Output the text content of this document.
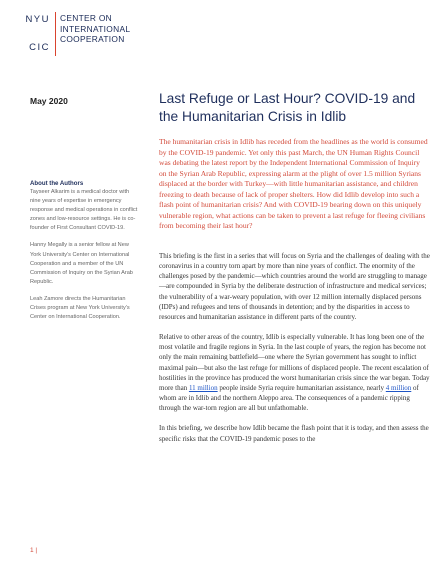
NYU
CIC
CENTER ON
INTERNATIONAL
COOPERATION
May 2020	Last Refuge or Last Hour? COVID-19 and the Humanitarian Crisis in Idlib

The humanitarian crisis in Idlib has receded from the headlines as the world is consumed by the COVID-19 pandemic. Yet only this past March, the UN Human Rights Council was debating the latest report by the Independent International Commission of Inquiry on the Syrian Arab Republic, expressing alarm at the plight of over 1.5 million Syrians displaced at the border with Turkey—with little humanitarian assistance, and children freezing to death because of lack of proper shelters. How did Idlib develop into such a flash point of humanitarian crisis? And with COVID-19 bearing down on this uniquely vulnerable region, what actions can be taken to prevent a last refuge for fleeing civilians from becoming their last hour?

About the Authors

Tayseer Alkarim is a medical doctor with nine years of expertise in emergency response and medical operations in conflict zones and low-resource settings. He is co-founder of First Consultant COVID-19.

Hanny Megally is a senior fellow at New York University's Center on International Cooperation and a member of the UN Commission of Inquiry on the Syrian Arab Republic.

Leah Zamore directs the Humanitarian Crises program at New York University's Center on International Cooperation.

This briefing is the first in a series that will focus on Syria and the challenges of dealing with the coronavirus in a country torn apart by more than nine years of conflict. The enormity of the challenges posed by the pandemic—which countries around the world are struggling to manage—are compounded in Syria by the deliberate destruction of infrastructure and medical services; the vulnerability of a war-weary population, with over 12 million internally displaced persons (IDPs) and refugees and tens of thousands in detention; and by the disparities in access to resources and humanitarian assistance in different parts of the country.

Relative to other areas of the country, Idlib is especially vulnerable. It has long been one of the most volatile and fragile regions in Syria. In the last couple of years, the region has become not only the main remaining battlefield—one where the Syrian government has sought to inflict maximal pain—but also the last refuge for millions of displaced people. The recent escalation of hostilities in the province has produced the worst humanitarian crisis since the war began. Today more than 11 million people inside Syria require humanitarian assistance, nearly 4 million of whom are in Idlib and the northern Aleppo area. The consequences of a pandemic ripping through the war-torn region are all but unfathomable.

In this briefing, we describe how Idlib became the flash point that it is today, and then assess the specific risks that the COVID-19 pandemic poses to the

1 |
